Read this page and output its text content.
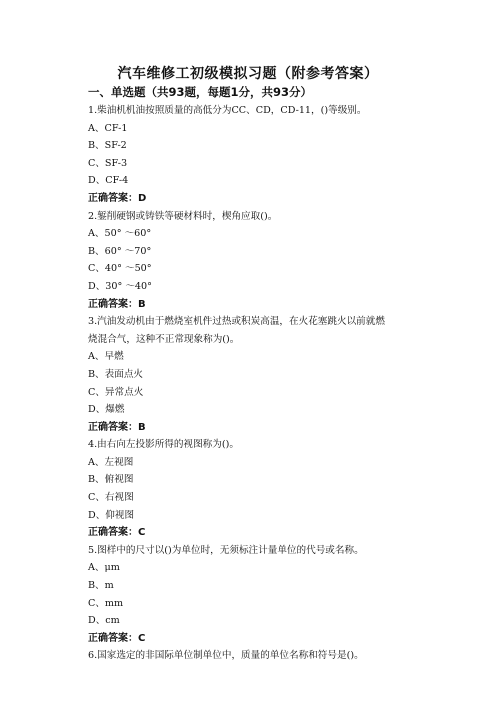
汽车维修工初级模拟习题（附参考答案）
一、单选题（共93题，每题1分，共93分）
1.柴油机机油按照质量的高低分为CC、CD，CD-11，()等级别。
A、CF-1
B、SF-2
C、SF-3
D、CF-4
正确答案：D
2.錾削硬钢或铸铁等硬材料时，楔角应取()。
A、50° ～60°
B、60° ～70°
C、40° ～50°
D、30° ～40°
正确答案：B
3.汽油发动机由于燃烧室机件过热或积炭高温，在火花塞跳火以前就燃
烧混合气，这种不正常现象称为()。
A、早燃
B、表面点火
C、异常点火
D、爆燃
正确答案：B
4.由右向左投影所得的视图称为()。
A、左视图
B、俯视图
C、右视图
D、仰视图
正确答案：C
5.图样中的尺寸以()为单位时，无须标注计量单位的代号或名称。
A、μm
B、m
C、mm
D、cm
正确答案：C
6.国家选定的非国际单位制单位中，质量的单位名称和符号是()。
